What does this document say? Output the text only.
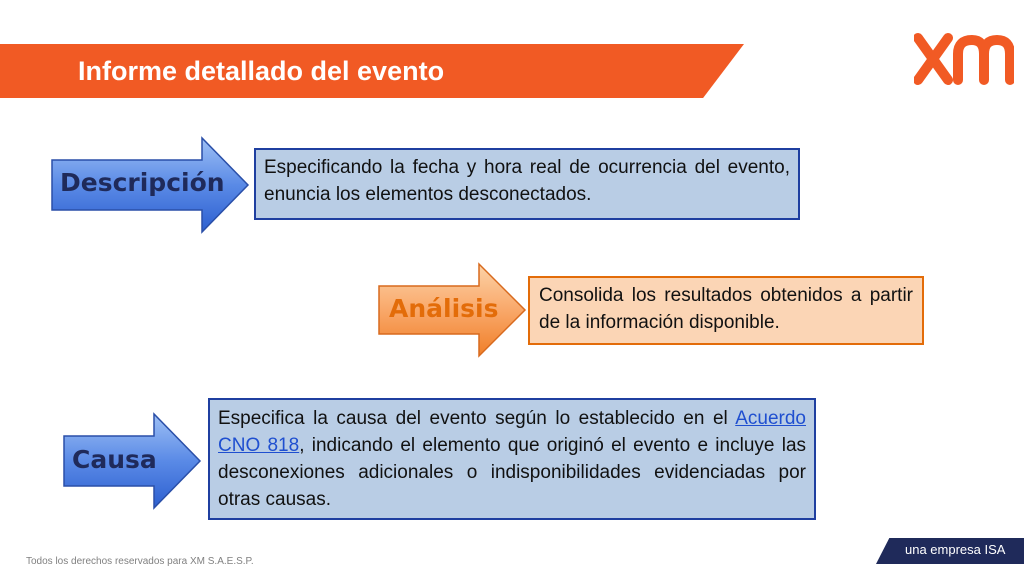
Informe detallado del evento
Descripción
Especificando la fecha y hora real de ocurrencia del evento, enuncia los elementos desconectados.
Análisis	Consolida los resultados obtenidos a partir de la información disponible.
Causa
Especifica la causa del evento según lo establecido en el Acuerdo CNO 818, indicando el elemento que originó el evento e incluye las desconexiones adicionales o indisponibilidades evidenciadas por otras causas.
Todos los derechos reservados para XM S.A.E.S.P.
una empresa ISA
